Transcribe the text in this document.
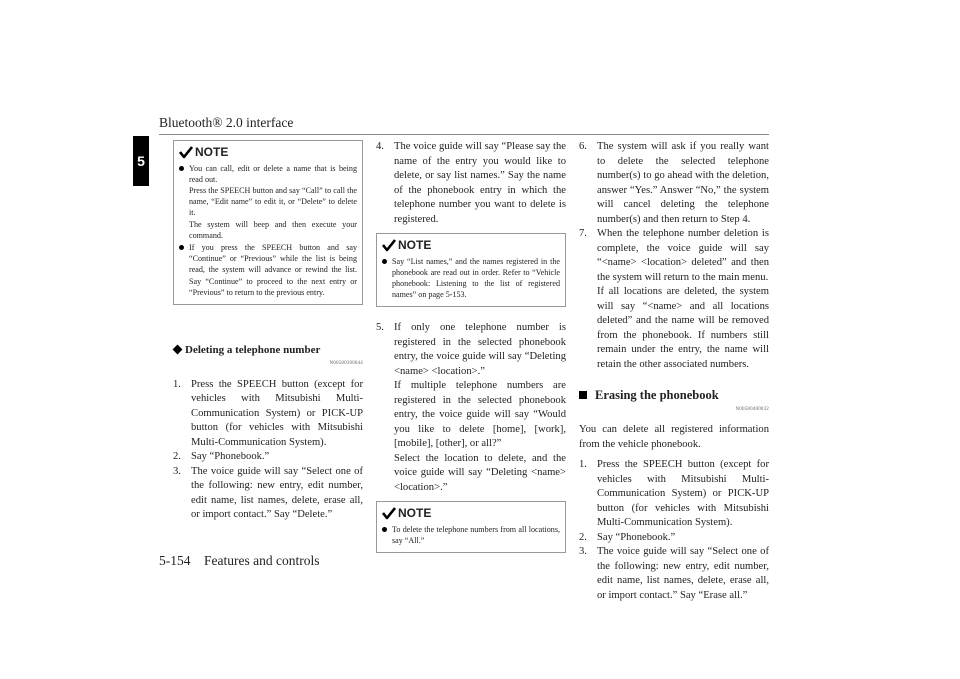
Bluetooth® 2.0 interface
5
5-154 Features and controls
NOTE

You can call, edit or delete a name that is being read out.

Press the SPEECH button and say “Call” to call the name, “Edit name” to edit it, or “Delete” to delete it.

The system will beep and then execute your command.

If you press the SPEECH button and say “Continue” or “Previous” while the list is being read, the system will advance or rewind the list. Say “Continue” to proceed to the next entry or “Previous” to return to the previous entry.

Deleting a telephone number
N00580300044
1. Press the SPEECH button (except for vehicles with Mitsubishi Multi-Communication System) or PICK-UP button (for vehicles with Mitsubishi Multi-Communication System).

2. Say “Phonebook.”

3. The voice guide will say “Select one of the following: new entry, edit number, edit name, list names, delete, erase all, or import contact.” Say “Delete.”

4. The voice guide will say “Please say the name of the entry you would like to delete, or say list names.” Say the name of the phonebook entry in which the telephone number you want to delete is registered.

NOTE

Say “List names,” and the names registered in the phonebook are read out in order. Refer to “Vehicle phonebook: Listening to the list of registered names” on page 5-153.

5. If only one telephone number is registered in the selected phonebook entry, the voice guide will say “Deleting <name> <location>.”

If multiple telephone numbers are registered in the selected phonebook entry, the voice guide will say “Would you like to delete [home], [work], [mobile], [other], or all?”

Select the location to delete, and the voice guide will say “Deleting <name> <location>.”

NOTE

To delete the telephone numbers from all locations, say “All.”

6. The system will ask if you really want to delete the selected telephone number(s) to go ahead with the deletion, answer “Yes.” Answer “No,” the system will cancel deleting the telephone number(s) and then return to Step 4.

7. When the telephone number deletion is complete, the voice guide will say “<name> <location> deleted” and then the system will return to the main menu.

If all locations are deleted, the system will say “<name> and all locations deleted” and the name will be removed from the phonebook. If numbers still remain under the entry, the name will retain the other associated numbers.

Erasing the phonebook
N00580400032

You can delete all registered information from the vehicle phonebook.

1. Press the SPEECH button (except for vehicles with Mitsubishi Multi-Communication System) or PICK-UP button (for vehicles with Mitsubishi Multi-Communication System).

2. Say “Phonebook.”

3. The voice guide will say “Select one of the following: new entry, edit number, edit name, list names, delete, erase all, or import contact.” Say “Erase all.”
